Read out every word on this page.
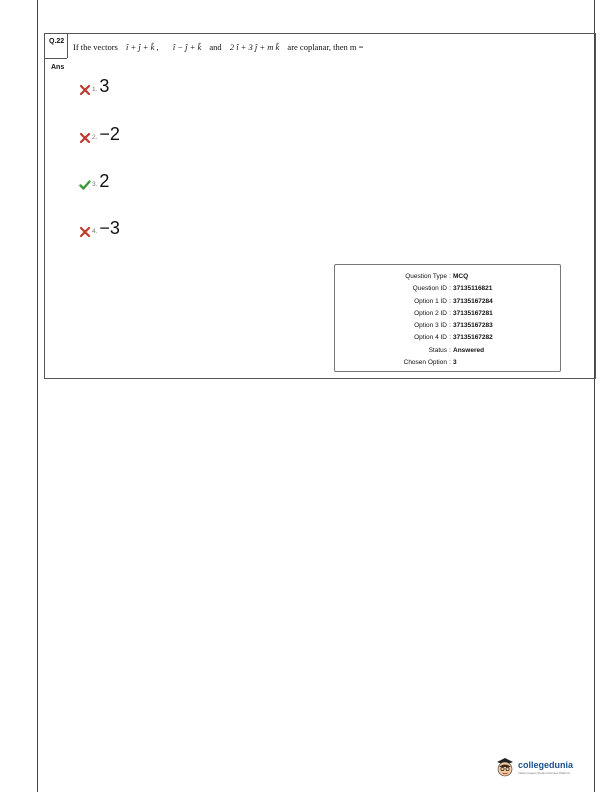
Q.22
If the vectors î + ĵ + k̂ , î − ĵ + k̂ and 2 î + 3 ĵ + m k̂ are coplanar, then m =
Ans
1. 3
2. −2
3. 2
4. −3
Question Type	:	MCQ
Question ID	:	37135116821
Option 1 ID	:	37135167284
Option 2 ID	:	37135167281
Option 3 ID	:	37135167283
Option 4 ID	:	37135167282
Status	:	Answered
Chosen Option	:	3
collegedunia
India's largest Student Review Platform
